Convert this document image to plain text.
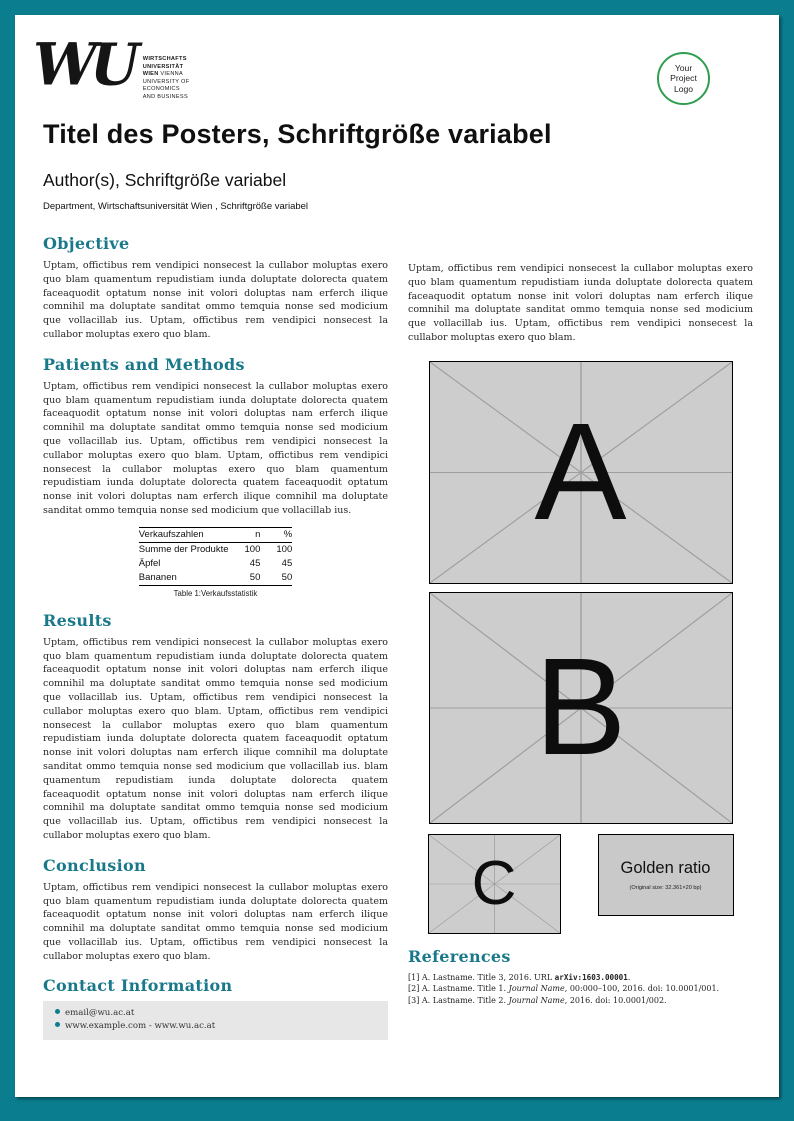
WU WIRTSCHAFTS
UNIVERSITÄT
WIEN VIENNA
UNIVERSITY OF
ECONOMICS
AND BUSINESS
Your
Project
Logo
Titel des Posters, Schriftgröße variabel
Author(s), Schriftgröße variabel
Department, Wirtschaftsuniversität Wien , Schriftgröße variabel
Objective

Uptam, offictibus rem vendipici nonsecest la cullabor moluptas exero quo blam quamentum repudistiam iunda doluptate dolorecta quatem faceaquodit optatum nonse init volori doluptas nam erferch ilique comnihil ma doluptate sanditat ommo temquia nonse sed modicium que vollacillab ius. Uptam, offictibus rem vendipici nonsecest la cullabor moluptas exero quo blam.

Patients and Methods

Uptam, offictibus rem vendipici nonsecest la cullabor moluptas exero quo blam quamentum repudistiam iunda doluptate dolorecta quatem faceaquodit optatum nonse init volori doluptas nam erferch ilique comnihil ma doluptate sanditat ommo temquia nonse sed modicium que vollacillab ius. Uptam, offictibus rem vendipici nonsecest la cullabor moluptas exero quo blam. Uptam, offictibus rem vendipici nonsecest la cullabor moluptas exero quo blam quamentum repudistiam iunda doluptate dolorecta quatem faceaquodit optatum nonse init volori doluptas nam erferch ilique comnihil ma doluptate sanditat ommo temquia nonse sed modicium que vollacillab ius.

Verkaufszahlen	n	%
Summe der Produkte	100	100
Äpfel	45	45
Bananen	50	50
Table 1:Verkaufsstatistik
Results

Uptam, offictibus rem vendipici nonsecest la cullabor moluptas exero quo blam quamentum repudistiam iunda doluptate dolorecta quatem faceaquodit optatum nonse init volori doluptas nam erferch ilique comnihil ma doluptate sanditat ommo temquia nonse sed modicium que vollacillab ius. Uptam, offictibus rem vendipici nonsecest la cullabor moluptas exero quo blam. Uptam, offictibus rem vendipici nonsecest la cullabor moluptas exero quo blam quamentum repudistiam iunda doluptate dolorecta quatem faceaquodit optatum nonse init volori doluptas nam erferch ilique comnihil ma doluptate sanditat ommo temquia nonse sed modicium que vollacillab ius. blam quamentum repudistiam iunda doluptate dolorecta quatem faceaquodit optatum nonse init volori doluptas nam erferch ilique comnihil ma doluptate sanditat ommo temquia nonse sed modicium que vollacillab ius. Uptam, offictibus rem vendipici nonsecest la cullabor moluptas exero quo blam.

Conclusion

Uptam, offictibus rem vendipici nonsecest la cullabor moluptas exero quo blam quamentum repudistiam iunda doluptate dolorecta quatem faceaquodit optatum nonse init volori doluptas nam erferch ilique comnihil ma doluptate sanditat ommo temquia nonse sed modicium que vollacillab ius. Uptam, offictibus rem vendipici nonsecest la cullabor moluptas exero quo blam.

Contact Information
email@wu.ac.at
www.example.com - www.wu.ac.at

Uptam, offictibus rem vendipici nonsecest la cullabor moluptas exero quo blam quamentum repudistiam iunda doluptate dolorecta quatem faceaquodit optatum nonse init volori doluptas nam erferch ilique comnihil ma doluptate sanditat ommo temquia nonse sed modicium que vollacillab ius. Uptam, offictibus rem vendipici nonsecest la cullabor moluptas exero quo blam.

A
B
C	Golden ratio
(Original size: 32.361×20 bp)
References
[1] A. Lastname. Title 3, 2016. URL arXiv:1603.00001.
[2] A. Lastname. Title 1. Journal Name, 00:000–100, 2016. doi: 10.0001/001.
[3] A. Lastname. Title 2. Journal Name, 2016. doi: 10.0001/002.
